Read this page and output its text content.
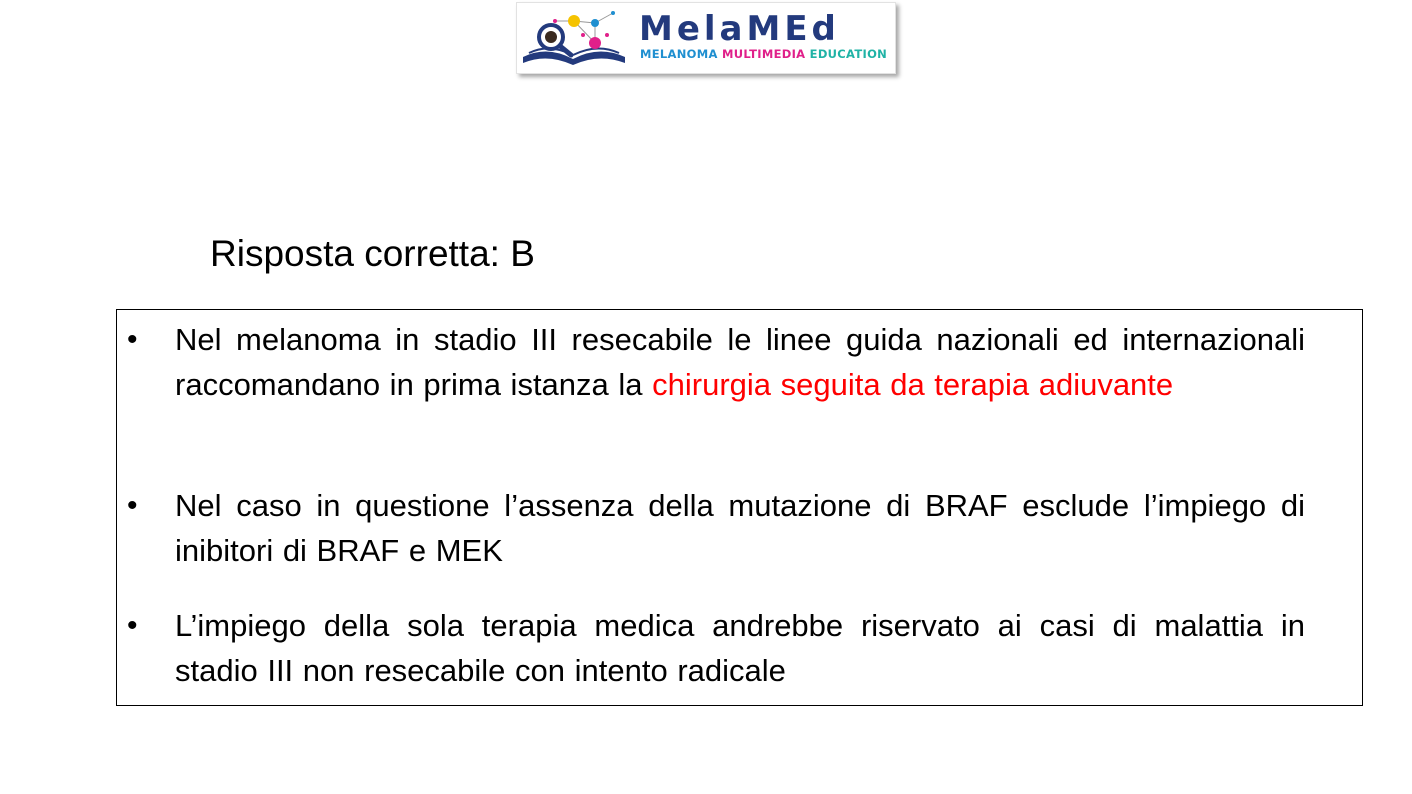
MelaMEd
MELANOMA MULTIMEDIA EDUCATION
Risposta corretta: B
• Nel melanoma in stadio III resecabile le linee guida nazionali ed internazionali raccomandano in prima istanza la chirurgia seguita da terapia adiuvante
• Nel caso in questione l’assenza della mutazione di BRAF esclude l’impiego di inibitori di BRAF e MEK
• L’impiego della sola terapia medica andrebbe riservato ai casi di malattia in stadio III non resecabile con intento radicale
